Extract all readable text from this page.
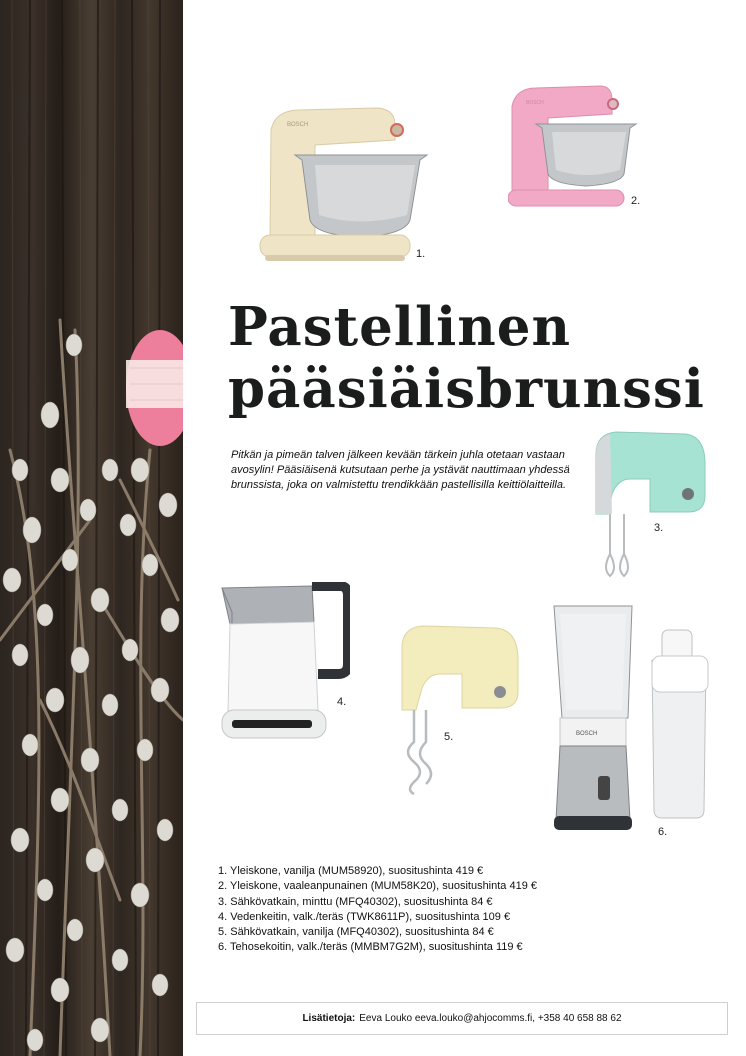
BOSCH
1.
BOSCH
2.
Pastellinen
pääsiäisbrunssi

Pitkän ja pimeän talven jälkeen kevään tärkein juhla otetaan vastaan avosylin! Pääsiäisenä kutsutaan perhe ja ystävät nauttimaan yhdessä brunssista, joka on valmistettu trendikkään pastellisilla keittiölaitteilla.

3.
4.
5.	BOSCH
6.
1. Yleiskone, vanilja (MUM58920), suositushinta 419 €
2. Yleiskone, vaaleanpunainen (MUM58K20), suositushinta 419 €
3. Sähkövatkain, minttu (MFQ40302), suositushinta 84 €
4. Vedenkeitin, valk./teräs (TWK8611P), suositushinta 109 €
5. Sähkövatkain, vanilja (MFQ40302), suositushinta 84 €
6. Tehosekoitin, valk./teräs (MMBM7G2M), suositushinta 119 €
Lisätietoja: Eeva Louko eeva.louko@ahjocomms.fi, +358 40 658 88 62
